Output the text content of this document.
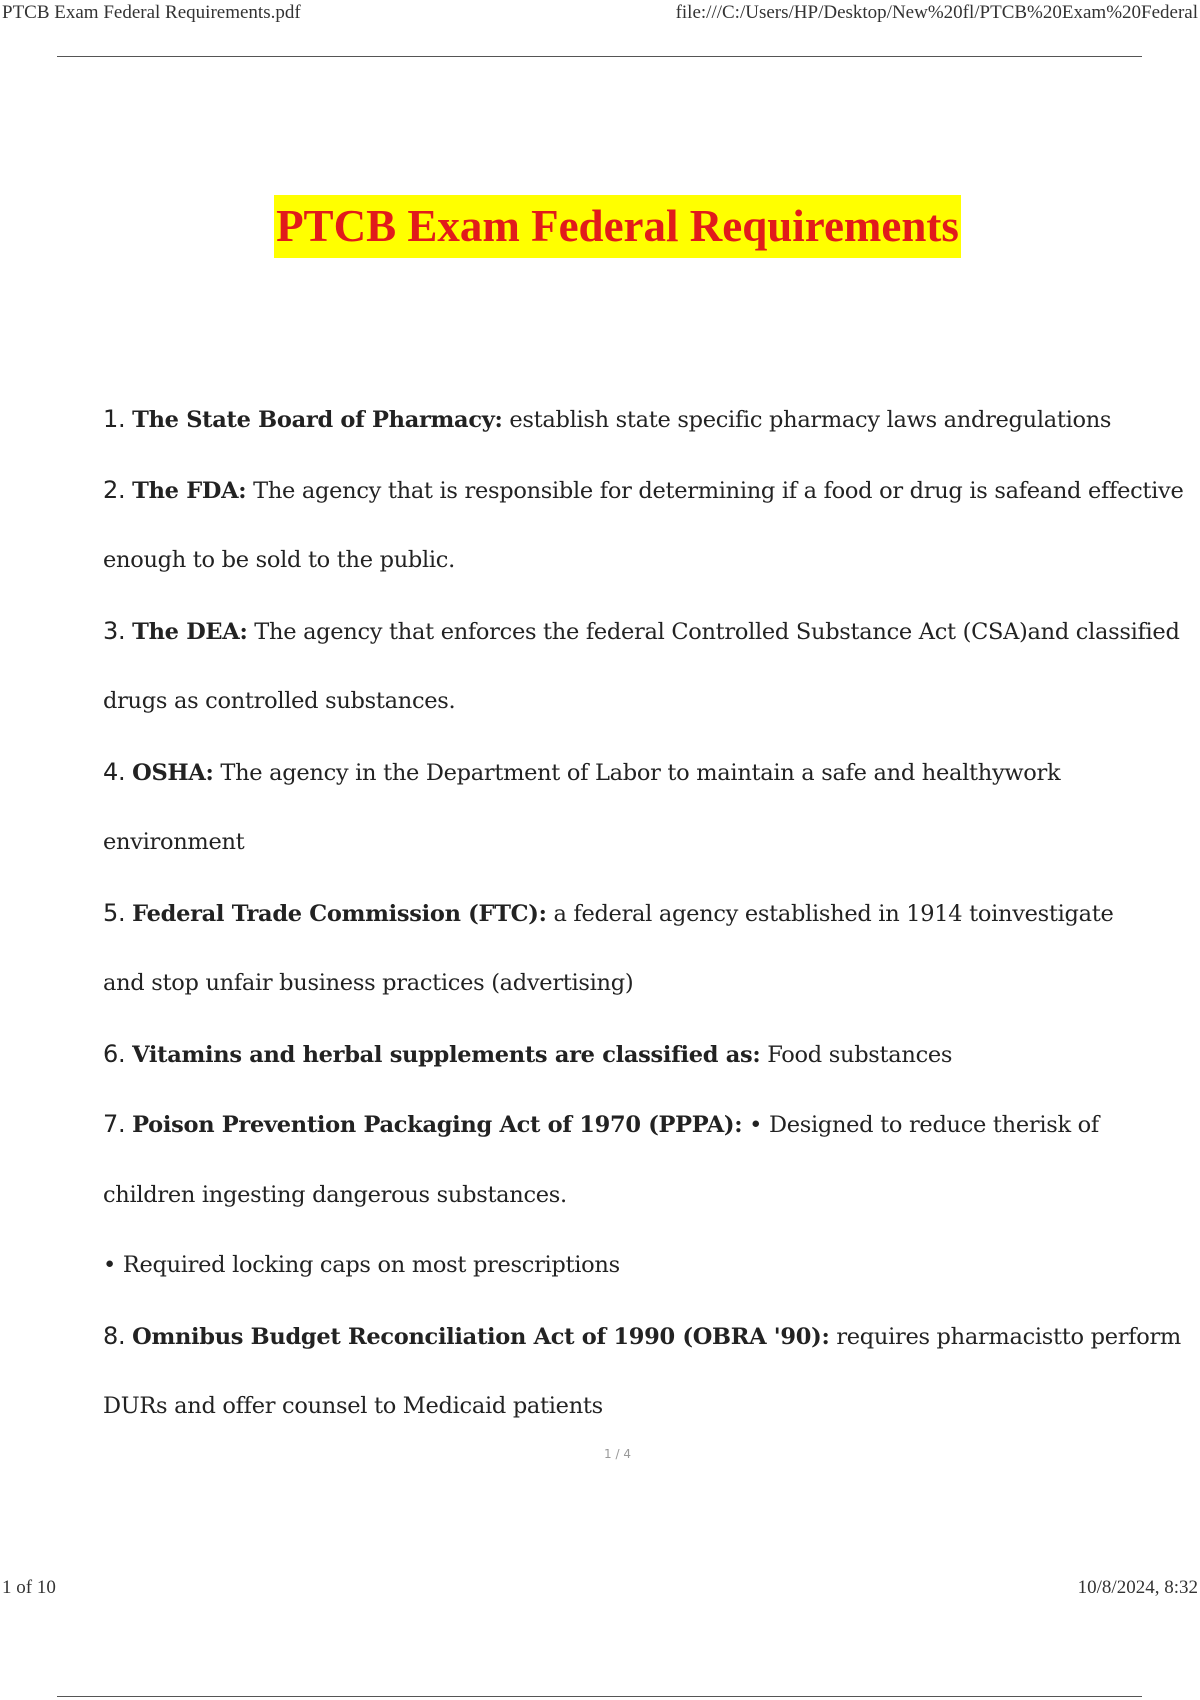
PTCB Exam Federal Requirements.pdf	file:///C:/Users/HP/Desktop/New%20fl/PTCB%20Exam%20Federal
PTCB Exam Federal Requirements
1. The State Board of Pharmacy: establish state specific pharmacy laws andregulations
2. The FDA: The agency that is responsible for determining if a food or drug is safeand effective
enough to be sold to the public.
3. The DEA: The agency that enforces the federal Controlled Substance Act (CSA)and classified
drugs as controlled substances.
4. OSHA: The agency in the Department of Labor to maintain a safe and healthywork
environment
5. Federal Trade Commission (FTC): a federal agency established in 1914 toinvestigate
and stop unfair business practices (advertising)
6. Vitamins and herbal supplements are classified as: Food substances
7. Poison Prevention Packaging Act of 1970 (PPPA): • Designed to reduce therisk of
children ingesting dangerous substances.
• Required locking caps on most prescriptions
8. Omnibus Budget Reconciliation Act of 1990 (OBRA '90): requires pharmacistto perform
DURs and offer counsel to Medicaid patients
1 / 4
1 of 10	10/8/2024, 8:32
